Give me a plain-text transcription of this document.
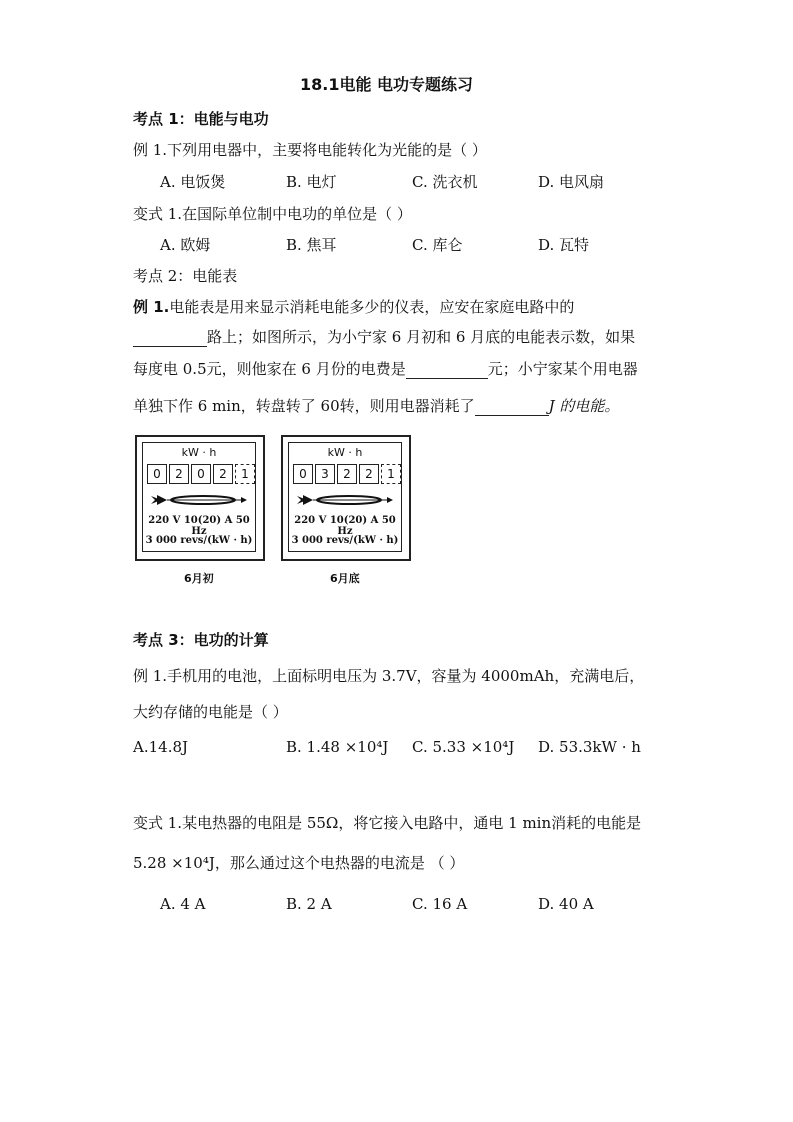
18.1电能 电功专题练习
考点 1：电能与电功
例 1.下列用电器中，主要将电能转化为光能的是（ ）
A. 电饭煲	B. 电灯	C. 洗衣机	D. 电风扇
变式 1.在国际单位制中电功的单位是（ ）
A. 欧姆	B. 焦耳	C. 库仑	D. 瓦特
考点 2：电能表
例 1.电能表是用来显示消耗电能多少的仪表，应安在家庭电路中的
路上；如图所示，为小宁家 6 月初和 6 月底的电能表示数，如果
每度电 0.5元，则他家在 6 月份的电费是	元；小宁家某个用电器
单独下作 6 min，转盘转了 60转，则用电器消耗了	J 的电能。
kW · h
0	2	0	2	1
220 V 10(20) A 50 Hz
3 000 revs/(kW · h)
6月初
kW · h
0	3	2	2	1
220 V 10(20) A 50 Hz
3 000 revs/(kW · h)
6月底
考点 3：电功的计算
例 1.手机用的电池，上面标明电压为 3.7V，容量为 4000mAh，充满电后，
大约存储的电能是（ ）
A.14.8J	B. 1.48 ×10⁴J C. 5.33 ×10⁴J D. 53.3kW · h
变式 1.某电热器的电阻是 55Ω，将它接入电路中，通电 1 min消耗的电能是
5.28 ×10⁴J，那么通过这个电热器的电流是 （ ）
A. 4 A	B. 2 A	C. 16 A	D. 40 A
